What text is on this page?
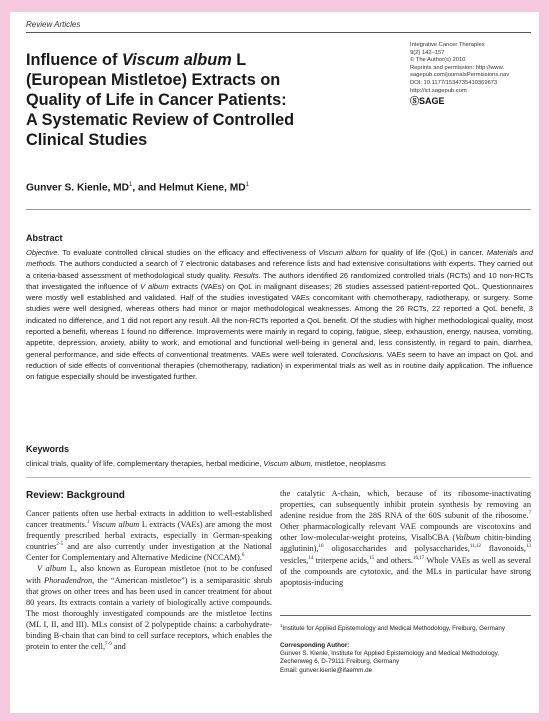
Review Articles
Influence of Viscum album L
(European Mistletoe) Extracts on
Quality of Life in Cancer Patients:
A Systematic Review of Controlled
Clinical Studies
Integrative Cancer Therapies
9(2) 142–157
© The Author(s) 2010
Reprints and permission: http://www.
sagepub.com/journalsPermissions.nav
DOI: 10.1177/1534735410369673
http://ict.sagepub.com
ⓈSAGE
Gunver S. Kienle, $MD^1$, and Helmut Kiene, $MD^1$
Abstract
Objective. To evaluate controlled clinical studies on the efficacy and effectiveness of Viscum album for quality of life (QoL) in cancer. Materials and methods. The authors conducted a search of 7 electronic databases and reference lists and had extensive consultations with experts. They carried out a criteria-based assessment of methodological study quality. Results. The authors identified 26 randomized controlled trials (RCTs) and 10 non-RCTs that investigated the influence of V album extracts (VAEs) on QoL in malignant diseases; 26 studies assessed patient-reported QoL. Questionnaires were mostly well established and validated. Half of the studies investigated VAEs concomitant with chemotherapy, radiotherapy, or surgery. Some studies were well designed, whereas others had minor or major methodological weaknesses. Among the 26 RCTs, 22 reported a QoL benefit, 3 indicated no difference, and 1 did not report any result. All the non-RCTs reported a QoL benefit. Of the studies with higher methodological quality, most reported a benefit, whereas 1 found no difference. Improvements were mainly in regard to coping, fatigue, sleep, exhaustion, energy, nausea, vomiting, appetite, depression, anxiety, ability to work, and emotional and functional well-being in general and, less consistently, in regard to pain, diarrhea, general performance, and side effects of conventional treatments. VAEs were well tolerated. Conclusions. VAEs seem to have an impact on QoL and reduction of side effects of conventional therapies (chemotherapy, radiation) in experimental trials as well as in routine daily application. The influence on fatigue especially should be investigated further.
Keywords
clinical trials, quality of life, complementary therapies, herbal medicine, Viscum album, mistletoe, neoplasms
Review: Background

Cancer patients often use herbal extracts in addition to well-established cancer treatments.$^1$ Viscum album L extracts (VAEs) are among the most frequently prescribed herbal extracts, especially in German-speaking countries$^{2-5}$ and are also currently under investigation at the National Center for Complementary and Alternative Medicine (NCCAM).$^6$

V album L, also known as European mistletoe (not to be confused with Phoradendron, the “American mistletoe”) is a semiparasitic shrub that grows on other trees and has been used in cancer treatment for about 80 years. Its extracts contain a variety of biologically active compounds. The most thoroughly investigated compounds are the mistletoe lectins (ML I, II, and III). MLs consist of 2 polypeptide chains: a carbohydrate-binding B-chain that can bind to cell surface receptors, which enables the protein to enter the cell,$^{7-9}$ and

the catalytic A-chain, which, because of its ribosome-inactivating properties, can subsequently inhibit protein synthesis by removing an adenine residue from the 28S RNA of the 60S subunit of the ribosome.$^7$ Other pharmacologically relevant VAE compounds are viscotoxins and other low-molecular-weight proteins, VisalbCBA (Valbum chitin-binding agglutinin),$^{10}$ oligosaccharides and polysaccharides,$^{11,12}$ flavonoids,$^{13}$ vesicles,$^{14}$ triterpene acids,$^{15}$ and others.$^{16,17}$ Whole VAEs as well as several of the compounds are cytotoxic, and the MLs in particular have strong apoptosis-inducing

$^1$Institute for Applied Epistemology and Medical Methodology, Freiburg, Germany
Corresponding Author:
Gunver S. Kienle, Institute for Applied Epistemology and Medical Methodology, Zechenweg 6, D-79111 Freiburg, Germany
Email: gunver.kienle@ifaemm.de
